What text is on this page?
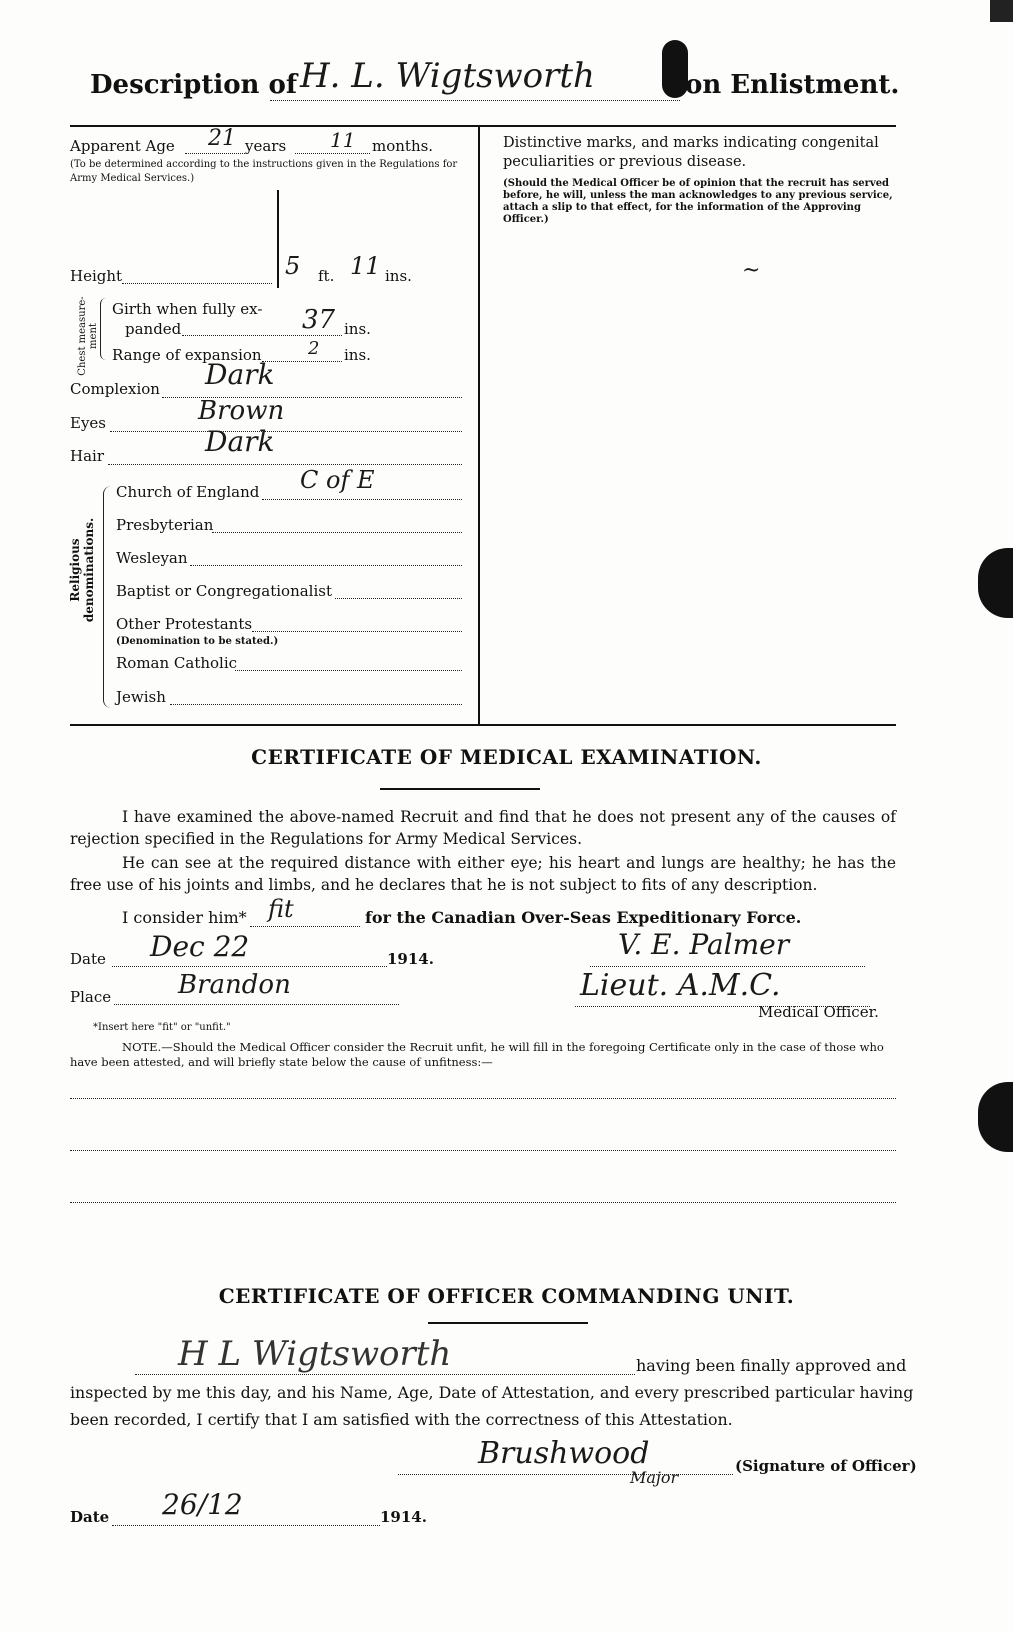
Description of H. L. Wigtsworth	on Enlistment.
Apparent Age 21 years 11 months.
(To be determined according to the instructions given in the Regulations for Army Medical Services.)
Height	5 ft. 11 ins.
Chest measure-ment
Girth when fully ex-
panded	37 ins.
Range of expansion	2 ins.
Complexion Dark
Eyes	Brown
Hair	Dark
Religious denominations.
Church of England C of E
Presbyterian
Wesleyan
Baptist or Congregationalist
Other Protestants
(Denomination to be stated.)
Roman Catholic
Jewish
Distinctive marks, and marks indicating congenital peculiarities or previous disease.
(Should the Medical Officer be of opinion that the recruit has served before, he will, unless the man acknowledges to any previous service, attach a slip to that effect, for the information of the Approving Officer.)
~
CERTIFICATE OF MEDICAL EXAMINATION.
I have examined the above-named Recruit and find that he does not present any of the causes of rejection specified in the Regulations for Army Medical Services.
He can see at the required distance with either eye; his heart and lungs are healthy; he has the free use of his joints and limbs, and he declares that he is not subject to fits of any description.
I consider him* fit	for the Canadian Over-Seas Expeditionary Force.
Date Dec 22	1914.
Place	Brandon
V. E. Palmer
Lieut. A.M.C.
Medical Officer.
*Insert here "fit" or "unfit."
NOTE.—Should the Medical Officer consider the Recruit unfit, he will fill in the foregoing Certificate only in the case of those who have been attested, and will briefly state below the cause of unfitness:—
CERTIFICATE OF OFFICER COMMANDING UNIT.
H L Wigtsworth	having been finally approved and
inspected by me this day, and his Name, Age, Date of Attestation, and every prescribed particular having
been recorded, I certify that I am satisfied with the correctness of this Attestation.
Brushwood
Major
(Signature of Officer)
Date 26/12	1914.
